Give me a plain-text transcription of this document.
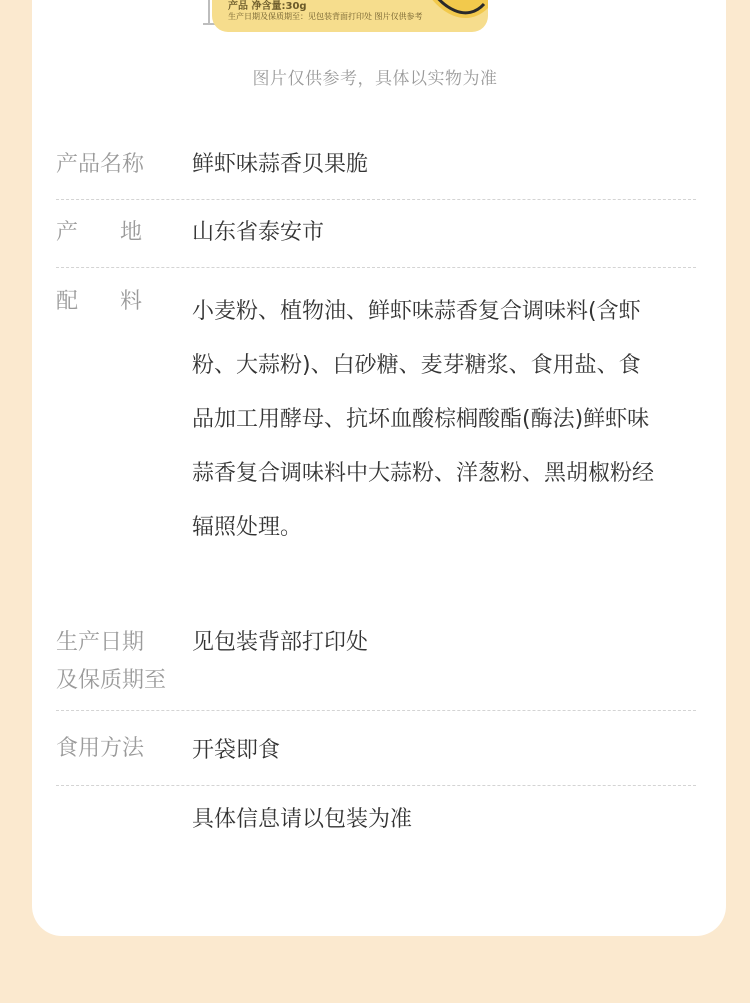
产品 净含量:30g
生产日期及保质期至：见包装背面打印处 图片仅供参考
图片仅供参考，具体以实物为准
产品名称 鲜虾味蒜香贝果脆
产地 山东省泰安市
配料 小麦粉、植物油、鲜虾味蒜香复合调味料(含虾
粉、大蒜粉)、白砂糖、麦芽糖浆、食用盐、食
品加工用酵母、抗坏血酸棕榈酸酯(酶法)鲜虾味
蒜香复合调味料中大蒜粉、洋葱粉、黑胡椒粉经
辐照处理。
生产日期
及保质期至
见包装背部打印处
食用方法 开袋即食
具体信息请以包装为准
